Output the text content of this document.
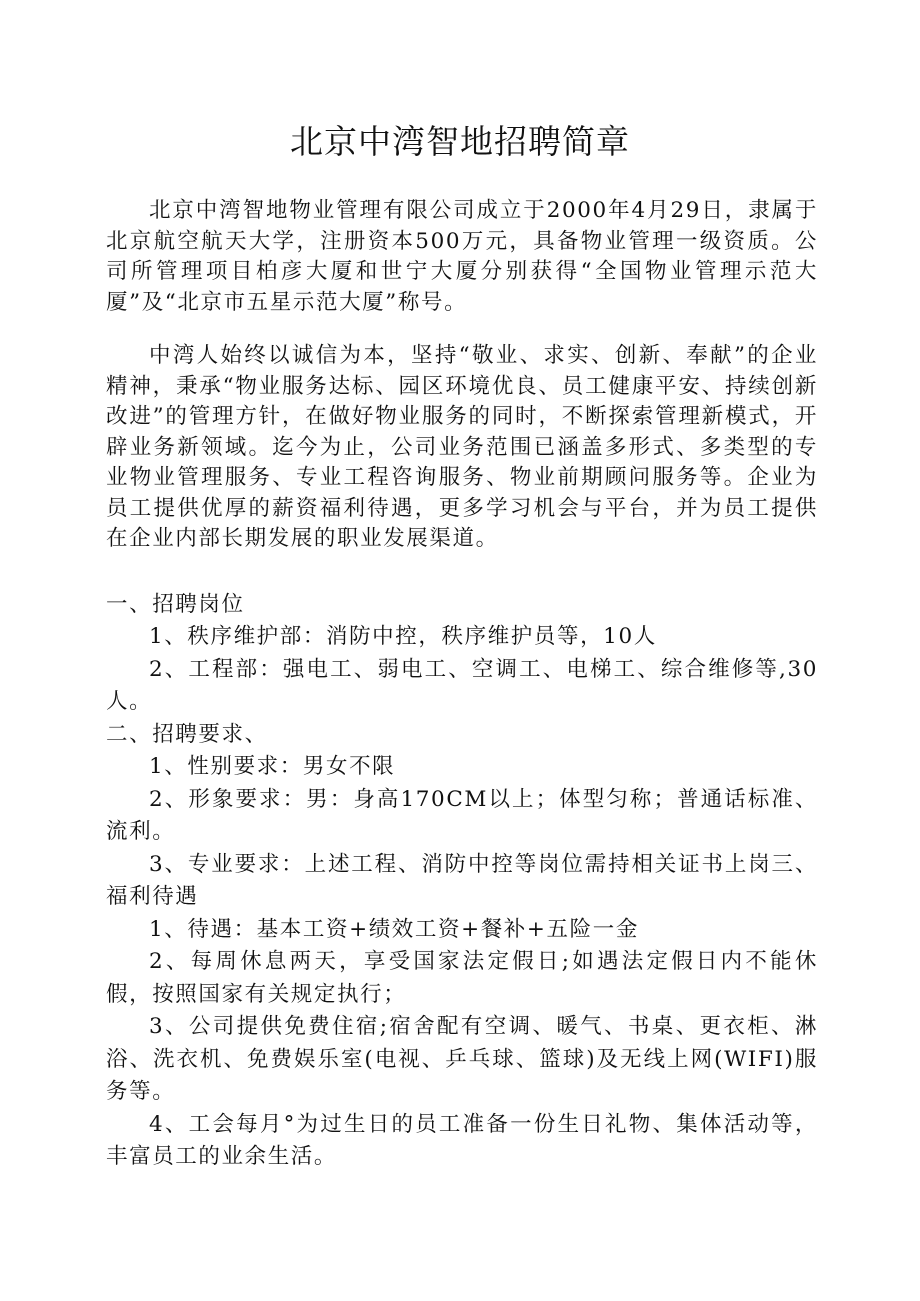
北京中湾智地招聘简章

北京中湾智地物业管理有限公司成立于2000年4月29日，隶属于北京航空航天大学，注册资本500万元，具备物业管理一级资质。公司所管理项目柏彦大厦和世宁大厦分别获得“全国物业管理示范大厦”及“北京市五星示范大厦”称号。

中湾人始终以诚信为本，坚持“敬业、求实、创新、奉献”的企业精神，秉承“物业服务达标、园区环境优良、员工健康平安、持续创新改进”的管理方针，在做好物业服务的同时，不断探索管理新模式，开辟业务新领域。迄今为止，公司业务范围已涵盖多形式、多类型的专业物业管理服务、专业工程咨询服务、物业前期顾问服务等。企业为员工提供优厚的薪资福利待遇，更多学习机会与平台，并为员工提供在企业内部长期发展的职业发展渠道。

一、招聘岗位
1、秩序维护部：消防中控，秩序维护员等，10人
2、工程部：强电工、弱电工、空调工、电梯工、综合维修等,30人。
二、招聘要求、
1、性别要求：男女不限
2、形象要求：男：身高170CM以上；体型匀称；普通话标准、流利。
3、专业要求：上述工程、消防中控等岗位需持相关证书上岗三、福利待遇
1、待遇：基本工资+绩效工资+餐补+五险一金
2、每周休息两天，享受国家法定假日;如遇法定假日内不能休假，按照国家有关规定执行；
3、公司提供免费住宿;宿舍配有空调、暖气、书桌、更衣柜、淋浴、洗衣机、免费娱乐室(电视、乒乓球、篮球)及无线上网(WIFI)服务等。
4、工会每月°为过生日的员工准备一份生日礼物、集体活动等，丰富员工的业余生活。
